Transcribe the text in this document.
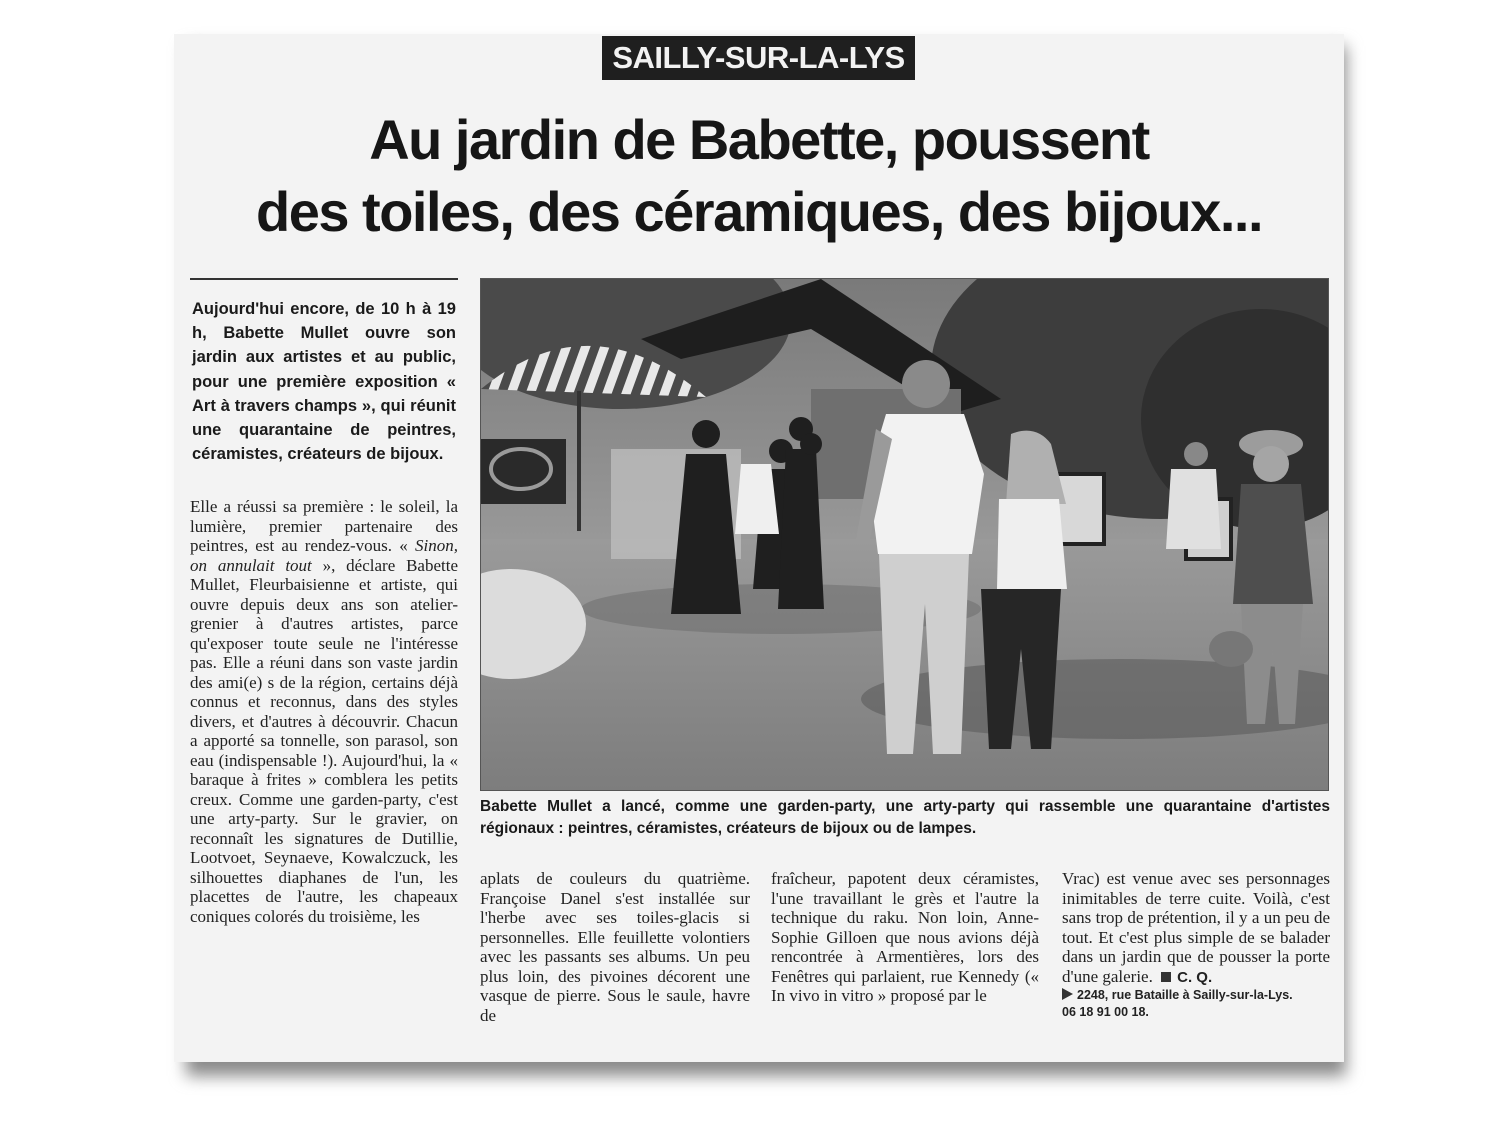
SAILLY-SUR-LA-LYS
Au jardin de Babette, poussent
des toiles, des céramiques, des bijoux...

Aujourd'hui encore, de 10 h à 19 h, Babette Mullet ouvre son jardin aux artistes et au public, pour une première exposition « Art à travers champs », qui réunit une quarantaine de peintres, céramistes, créateurs de bijoux.

Elle a réussi sa première : le soleil, la lumière, premier partenaire des peintres, est au rendez-vous. « Sinon, on annulait tout », déclare Babette Mullet, Fleurbaisienne et artiste, qui ouvre depuis deux ans son atelier-grenier à d'autres artistes, parce qu'exposer toute seule ne l'intéresse pas. Elle a réuni dans son vaste jardin des ami(e) s de la région, certains déjà connus et reconnus, dans des styles divers, et d'autres à découvrir. Chacun a apporté sa tonnelle, son parasol, son eau (indispensable !). Aujourd'hui, la « baraque à frites » comblera les petits creux. Comme une garden-party, c'est une arty-party. Sur le gravier, on reconnaît les signatures de Dutillie, Lootvoet, Seynaeve, Kowalczuck, les silhouettes diaphanes de l'un, les placettes de l'autre, les chapeaux coniques colorés du troisième, les

Babette Mullet a lancé, comme une garden-party, une arty-party qui rassemble une quarantaine d'artistes régionaux : peintres, céramistes, créateurs de bijoux ou de lampes.

aplats de couleurs du quatrième. Françoise Danel s'est installée sur l'herbe avec ses toiles-glacis si personnelles. Elle feuillette volontiers avec les passants ses albums. Un peu plus loin, des pivoines décorent une vasque de pierre. Sous le saule, havre de

fraîcheur, papotent deux céramistes, l'une travaillant le grès et l'autre la technique du raku. Non loin, Anne-Sophie Gilloen que nous avions déjà rencontrée à Armentières, lors des Fenêtres qui parlaient, rue Kennedy (« In vivo in vitro » proposé par le

Vrac) est venue avec ses personnages inimitables de terre cuite. Voilà, c'est sans trop de prétention, il y a un peu de tout. Et c'est plus simple de se balader dans un jardin que de pousser la porte d'une galerie. C. Q.

2248, rue Bataille à Sailly-sur-la-Lys.
06 18 91 00 18.
